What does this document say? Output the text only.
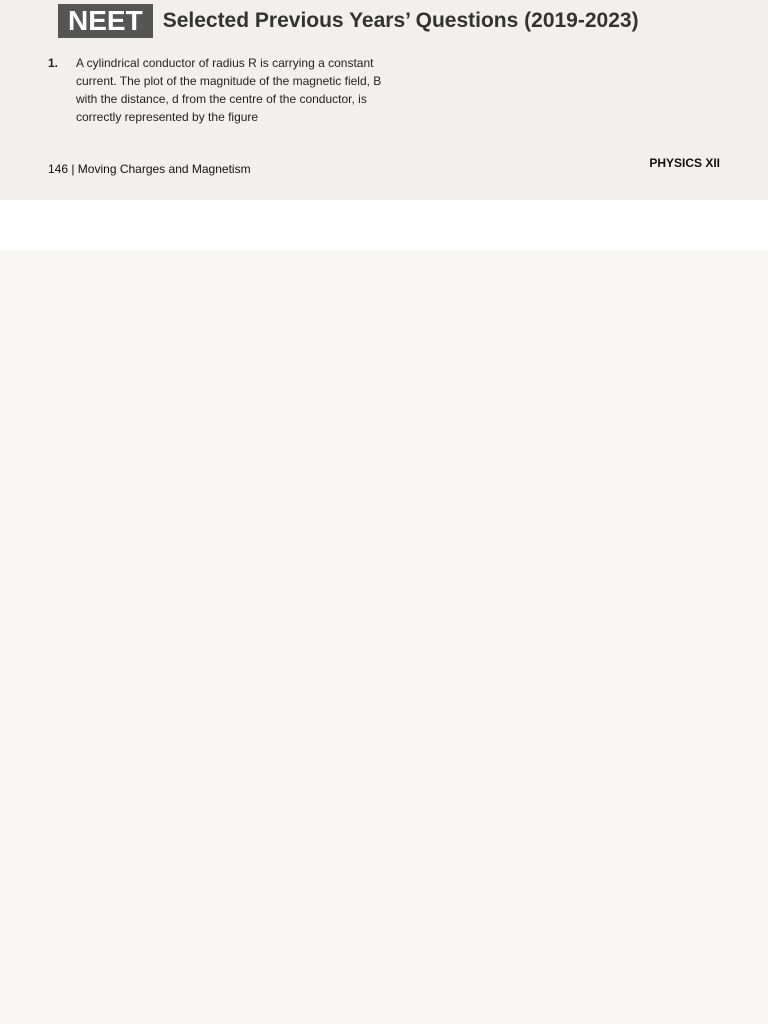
NEET Selected Previous Years’ Questions (2019-2023)
1. A cylindrical conductor of radius R is carrying a constant current. The plot of the magnitude of the magnetic field, B with the distance, d from the centre of the conductor, is correctly represented by the figure
146 | Moving Charges and Magnetism	PHYSICS XII
